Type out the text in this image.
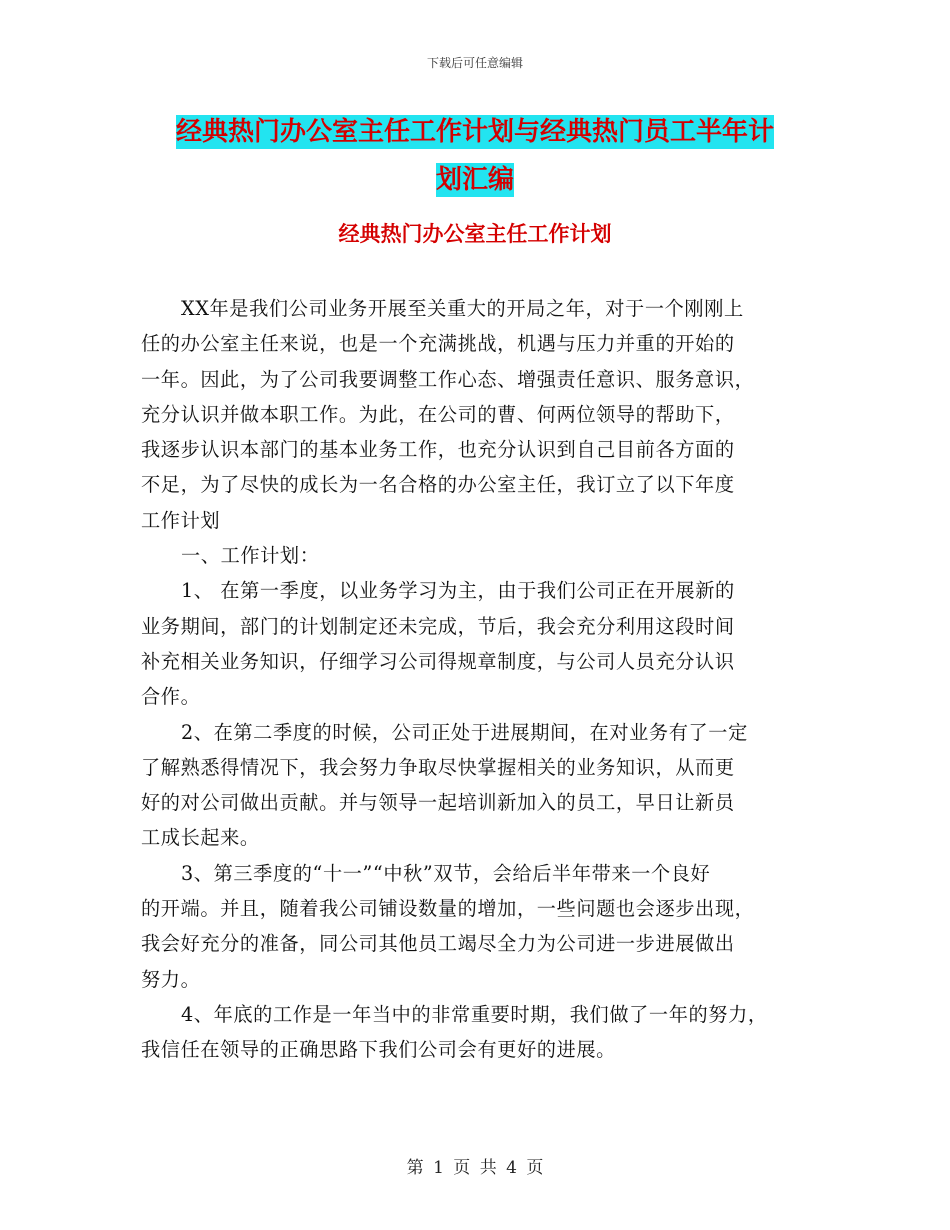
下载后可任意编辑
经典热门办公室主任工作计划与经典热门员工半年计
划汇编
经典热门办公室主任工作计划
XX年是我们公司业务开展至关重大的开局之年，对于一个刚刚上
任的办公室主任来说，也是一个充满挑战，机遇与压力并重的开始的
一年。因此，为了公司我要调整工作心态、增强责任意识、服务意识，
充分认识并做本职工作。为此，在公司的曹、何两位领导的帮助下，
我逐步认识本部门的基本业务工作，也充分认识到自己目前各方面的
不足，为了尽快的成长为一名合格的办公室主任，我订立了以下年度
工作计划
一、工作计划：
1、 在第一季度，以业务学习为主，由于我们公司正在开展新的
业务期间，部门的计划制定还未完成，节后，我会充分利用这段时间
补充相关业务知识，仔细学习公司得规章制度，与公司人员充分认识
合作。
2、在第二季度的时候，公司正处于进展期间，在对业务有了一定
了解熟悉得情况下，我会努力争取尽快掌握相关的业务知识，从而更
好的对公司做出贡献。并与领导一起培训新加入的员工，早日让新员
工成长起来。
3、第三季度的“十一”“中秋”双节，会给后半年带来一个良好
的开端。并且，随着我公司铺设数量的增加，一些问题也会逐步出现，
我会好充分的准备，同公司其他员工竭尽全力为公司进一步进展做出
努力。
4、年底的工作是一年当中的非常重要时期，我们做了一年的努力，
我信任在领导的正确思路下我们公司会有更好的进展。
第 1 页 共 4 页
